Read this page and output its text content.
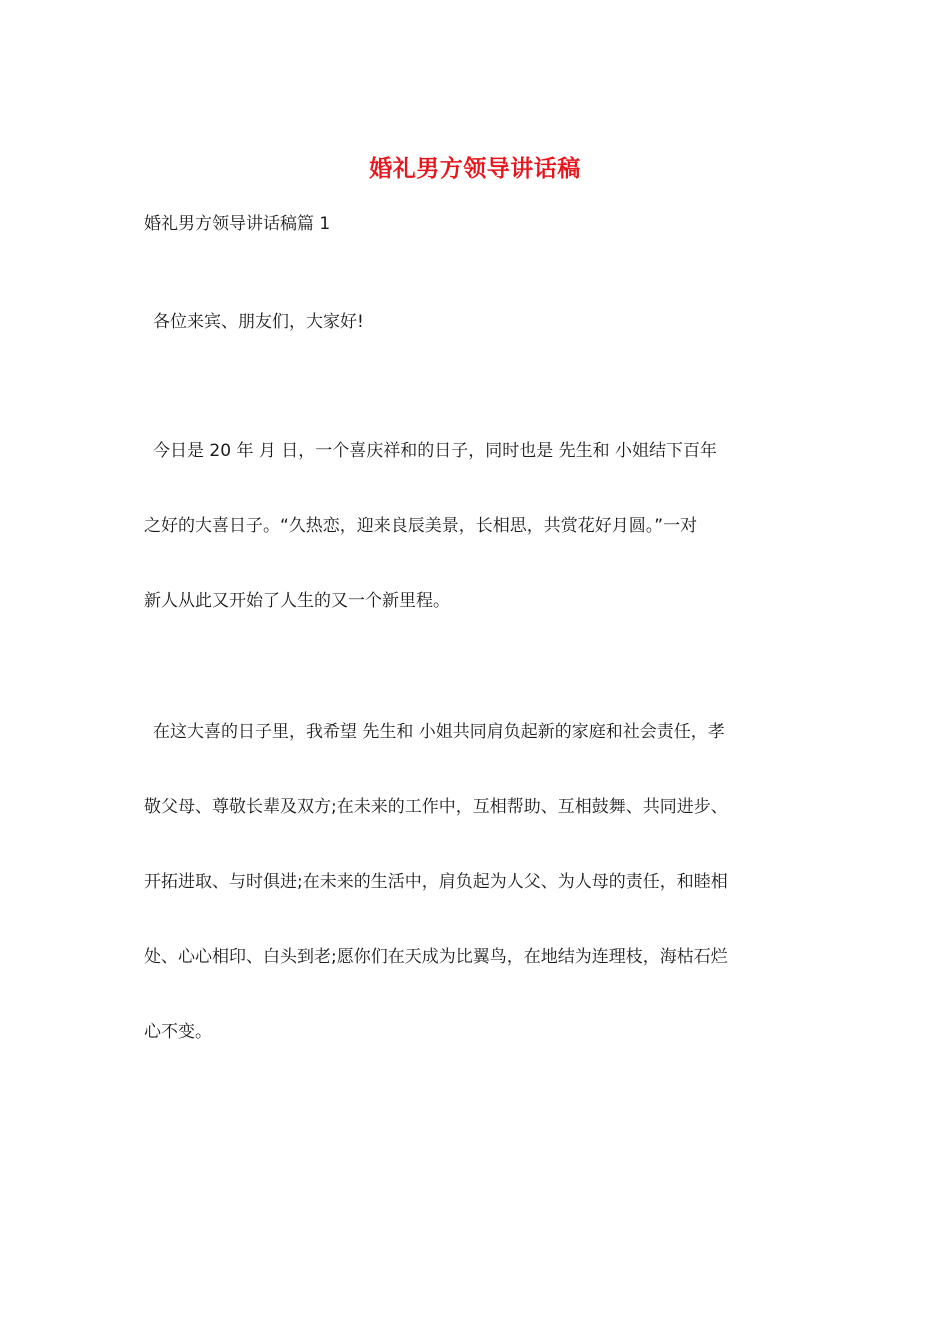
婚礼男方领导讲话稿
婚礼男方领导讲话稿篇 1
各位来宾、朋友们，大家好!
今日是 20 年 月 日，一个喜庆祥和的日子，同时也是 先生和 小姐结下百年
之好的大喜日子。“久热恋，迎来良辰美景，长相思，共赏花好月圆。”一对
新人从此又开始了人生的又一个新里程。
在这大喜的日子里，我希望 先生和 小姐共同肩负起新的家庭和社会责任，孝
敬父母、尊敬长辈及双方;在未来的工作中，互相帮助、互相鼓舞、共同进步、
开拓进取、与时俱进;在未来的生活中，肩负起为人父、为人母的责任，和睦相
处、心心相印、白头到老;愿你们在天成为比翼鸟，在地结为连理枝，海枯石烂
心不变。
